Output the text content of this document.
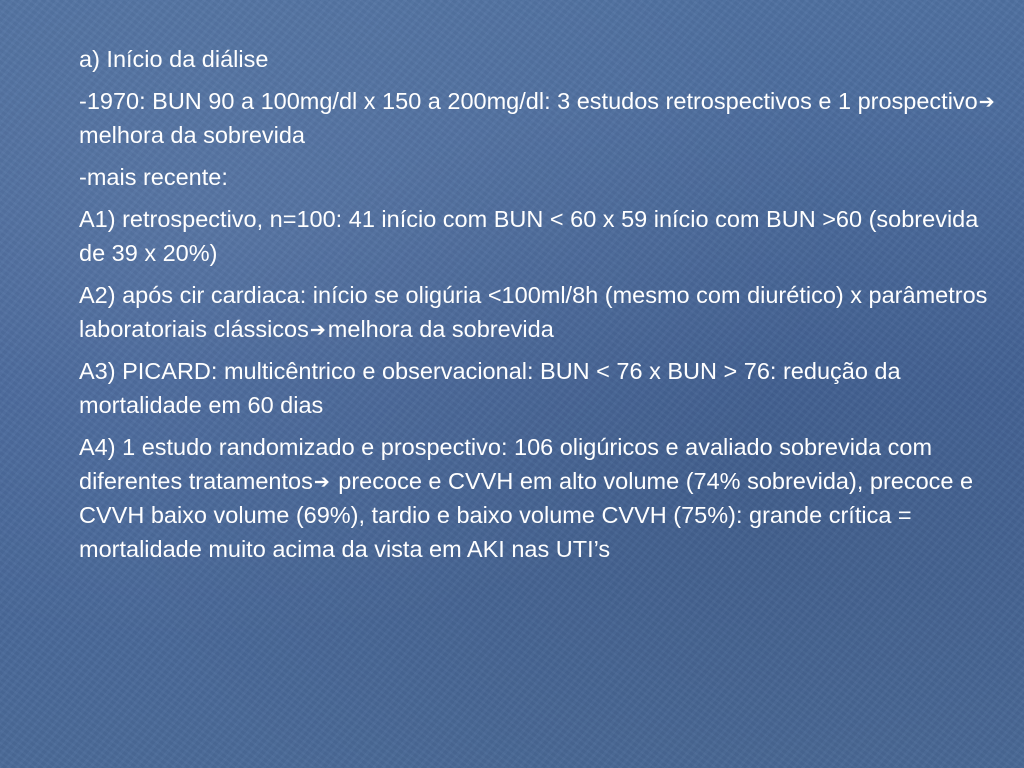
a) Início da diálise

-1970: BUN 90 a 100mg/dl x 150 a 200mg/dl: 3 estudos retrospectivos e 1 prospectivo➔ melhora da sobrevida

-mais recente:

A1) retrospectivo, n=100: 41 início com BUN < 60 x 59 início com BUN >60 (sobrevida de 39 x 20%)

A2) após cir cardiaca: início se oligúria <100ml/8h (mesmo com diurético) x parâmetros laboratoriais clássicos➔melhora da sobrevida

A3) PICARD: multicêntrico e observacional: BUN < 76 x BUN > 76: redução da mortalidade em 60 dias

A4) 1 estudo randomizado e prospectivo: 106 oligúricos e avaliado sobrevida com diferentes tratamentos➔ precoce e CVVH em alto volume (74% sobrevida), precoce e CVVH baixo volume (69%), tardio e baixo volume CVVH (75%): grande crítica = mortalidade muito acima da vista em AKI nas UTI’s
